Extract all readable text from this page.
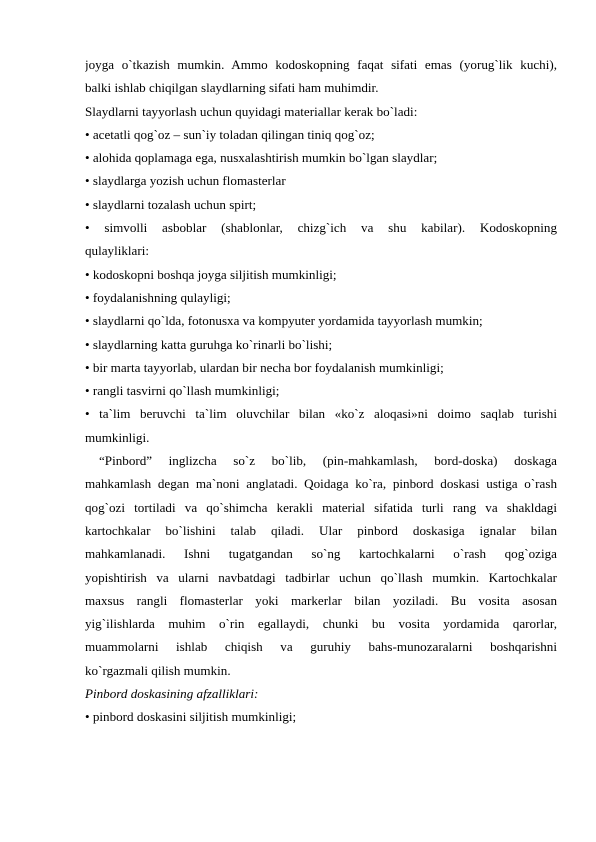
joyga o`tkazish mumkin. Ammo kodoskopning faqat sifati emas (yorug`lik kuchi),
balki ishlab chiqilgan slaydlarning sifati ham muhimdir.
Slaydlarni tayyorlash uchun quyidagi materiallar kerak bo`ladi:
• acetatli qog`oz – sun`iy toladan qilingan tiniq qog`oz;
• alohida qoplamaga ega, nusxalashtirish mumkin bo`lgan slaydlar;
• slaydlarga yozish uchun flomasterlar
• slaydlarni tozalash uchun spirt;
• simvolli asboblar (shablonlar, chizg`ich va shu kabilar). Kodoskopning
qulayliklari:
• kodoskopni boshqa joyga siljitish mumkinligi;
• foydalanishning qulayligi;
• slaydlarni qo`lda, fotonusxa va kompyuter yordamida tayyorlash mumkin;
• slaydlarning katta guruhga ko`rinarli bo`lishi;
• bir marta tayyorlab, ulardan bir necha bor foydalanish mumkinligi;
• rangli tasvirni qo`llash mumkinligi;
• ta`lim beruvchi ta`lim oluvchilar bilan «ko`z aloqasi»ni doimo saqlab turishi
mumkinligi.
“Pinbord” inglizcha so`z bo`lib, (pin-mahkamlash, bord-doska) doskaga
mahkamlash degan ma`noni anglatadi. Qoidaga ko`ra, pinbord doskasi ustiga o`rash
qog`ozi tortiladi va qo`shimcha kerakli material sifatida turli rang va shakldagi
kartochkalar bo`lishini talab qiladi. Ular pinbord doskasiga ignalar bilan
mahkamlanadi. Ishni tugatgandan so`ng kartochkalarni o`rash qog`oziga
yopishtirish va ularni navbatdagi tadbirlar uchun qo`llash mumkin. Kartochkalar
maxsus rangli flomasterlar yoki markerlar bilan yoziladi. Bu vosita asosan
yig`ilishlarda muhim o`rin egallaydi, chunki bu vosita yordamida qarorlar,
muammolarni ishlab chiqish va guruhiy bahs-munozaralarni boshqarishni
ko`rgazmali qilish mumkin.
Pinbord doskasining afzalliklari:
• pinbord doskasini siljitish mumkinligi;
